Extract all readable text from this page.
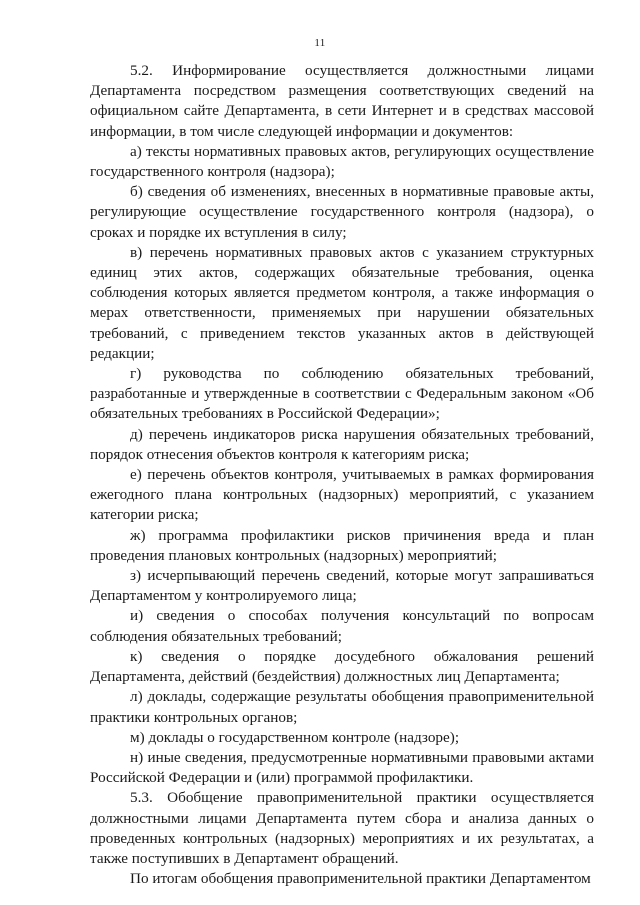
11

5.2. Информирование осуществляется должностными лицами Департамента посредством размещения соответствующих сведений на официальном сайте Департамента, в сети Интернет и в средствах массовой информации, в том числе следующей информации и документов:

а) тексты нормативных правовых актов, регулирующих осуществление государственного контроля (надзора);

б) сведения об изменениях, внесенных в нормативные правовые акты, регулирующие осуществление государственного контроля (надзора), о сроках и порядке их вступления в силу;

в) перечень нормативных правовых актов с указанием структурных единиц этих актов, содержащих обязательные требования, оценка соблюдения которых является предметом контроля, а также информация о мерах ответственности, применяемых при нарушении обязательных требований, с приведением текстов указанных актов в действующей редакции;

г) руководства по соблюдению обязательных требований, разработанные и утвержденные в соответствии с Федеральным законом «Об обязательных требованиях в Российской Федерации»;

д) перечень индикаторов риска нарушения обязательных требований, порядок отнесения объектов контроля к категориям риска;

е) перечень объектов контроля, учитываемых в рамках формирования ежегодного плана контрольных (надзорных) мероприятий, с указанием категории риска;

ж) программа профилактики рисков причинения вреда и план проведения плановых контрольных (надзорных) мероприятий;

з) исчерпывающий перечень сведений, которые могут запрашиваться Департаментом у контролируемого лица;

и) сведения о способах получения консультаций по вопросам соблюдения обязательных требований;

к) сведения о порядке досудебного обжалования решений Департамента, действий (бездействия) должностных лиц Департамента;

л) доклады, содержащие результаты обобщения правоприменительной практики контрольных органов;

м) доклады о государственном контроле (надзоре);

н) иные сведения, предусмотренные нормативными правовыми актами Российской Федерации и (или) программой профилактики.

5.3. Обобщение правоприменительной практики осуществляется должностными лицами Департамента путем сбора и анализа данных о проведенных контрольных (надзорных) мероприятиях и их результатах, а также поступивших в Департамент обращений.

По итогам обобщения правоприменительной практики Департаментом
